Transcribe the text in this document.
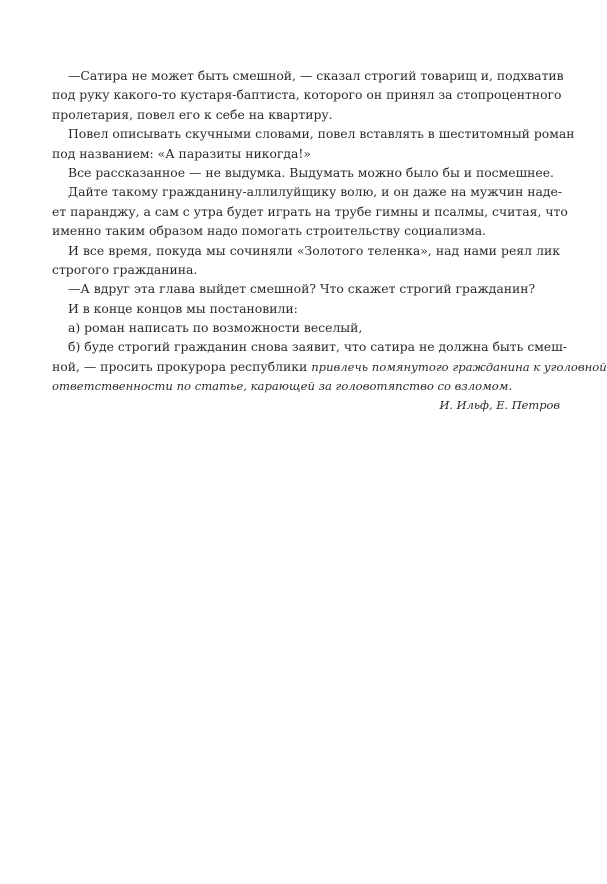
—Сатира не может быть смешной, — сказал строгий товарищ и, подхватив
под руку какого-то кустаря-баптиста, которого он принял за стопроцентного
пролетария, повел его к себе на квартиру.
Повел описывать скучными словами, повел вставлять в шеститомный роман
под названием: «А паразиты никогда!»
Все рассказанное — не выдумка. Выдумать можно было бы и посмешнее.
Дайте такому гражданину-аллилуйщику волю, и он даже на мужчин наде-
ет паранджу, а сам с утра будет играть на трубе гимны и псалмы, считая, что
именно таким образом надо помогать строительству социализма.
И все время, покуда мы сочиняли «Золотого теленка», над нами реял лик
строгого гражданина.
—А вдруг эта глава выйдет смешной? Что скажет строгий гражданин?
И в конце концов мы постановили:
а) роман написать по возможности веселый,
б) буде строгий гражданин снова заявит, что сатира не должна быть смеш-
ной, — просить прокурора республики привлечь помянутого гражданина к уголовной
ответственности по статье, карающей за головотяпство со взломом.
И. Ильф, Е. Петров
